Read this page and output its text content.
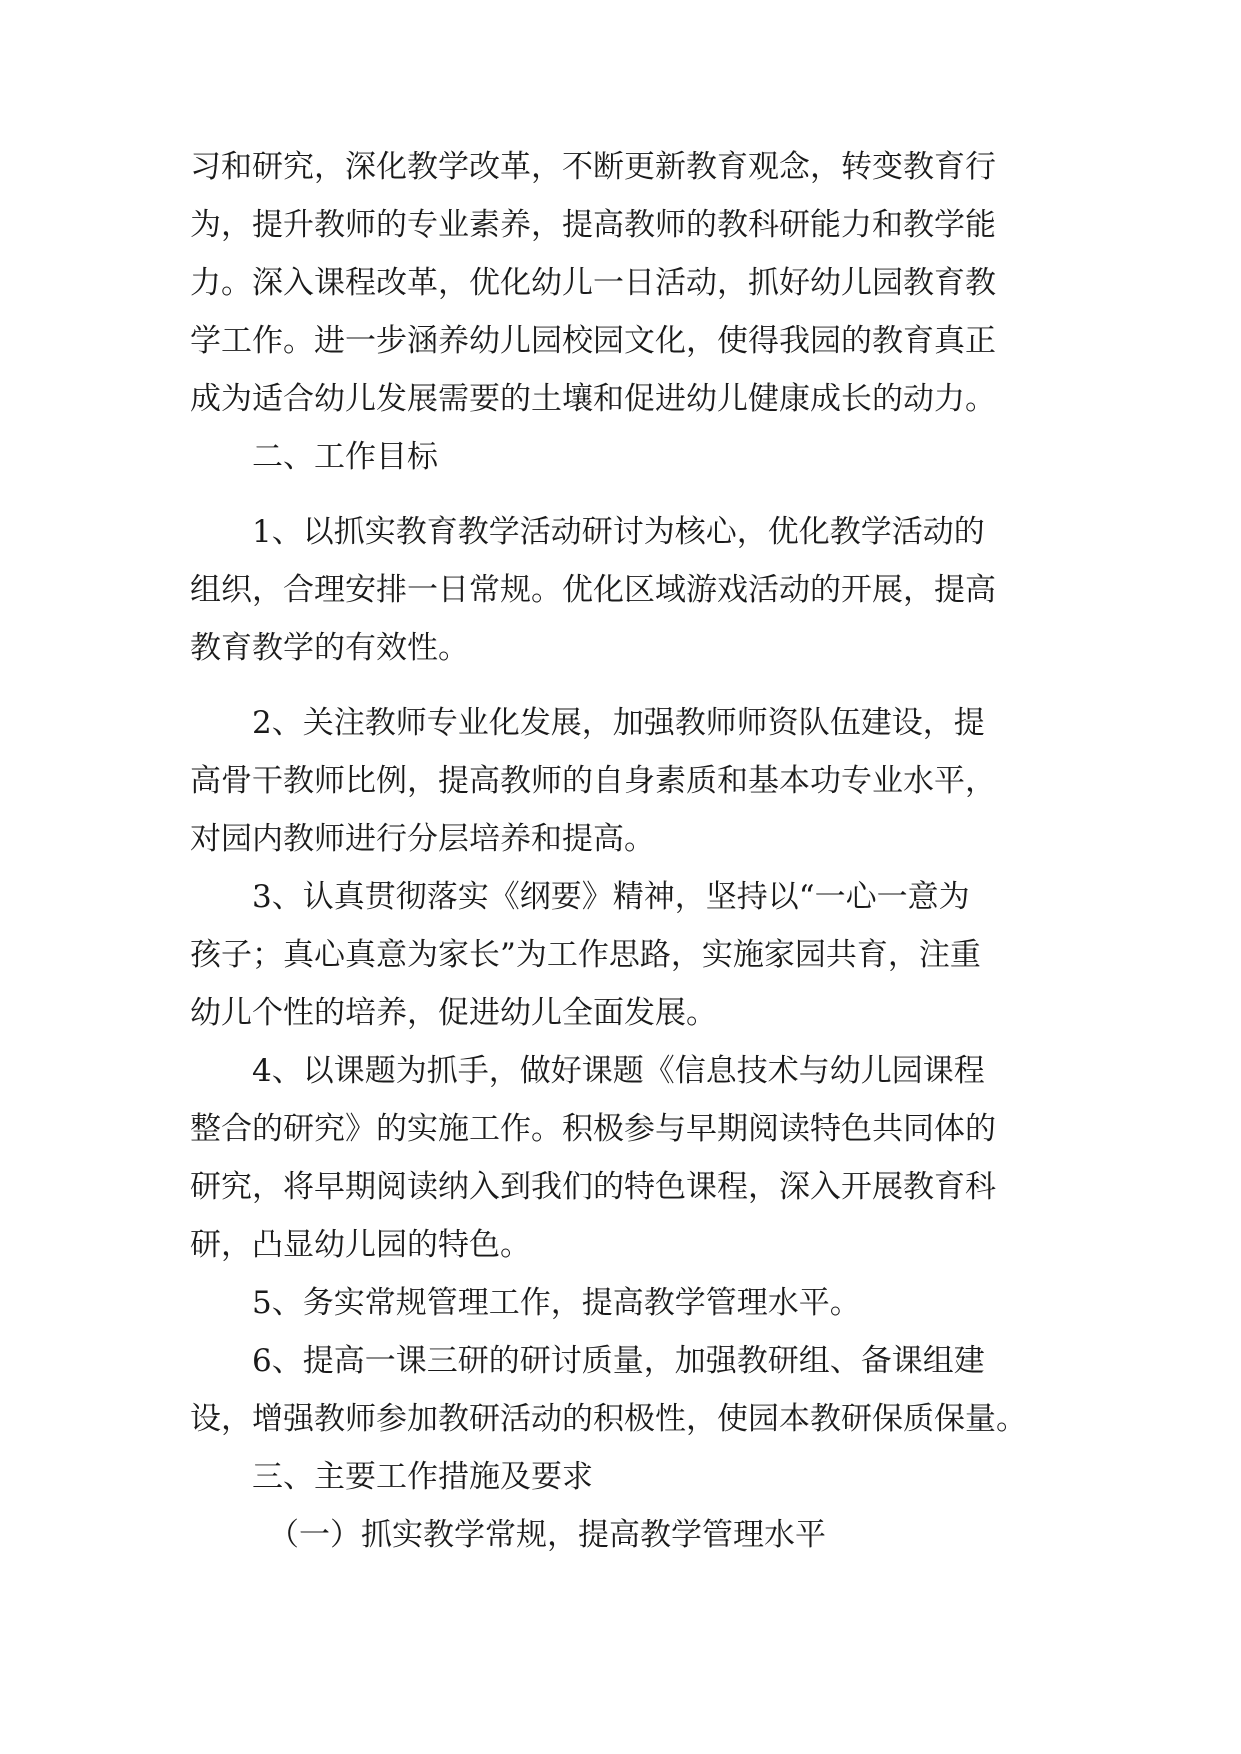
习和研究，深化教学改革，不断更新教育观念，转变教育行
为，提升教师的专业素养，提高教师的教科研能力和教学能
力。深入课程改革，优化幼儿一日活动，抓好幼儿园教育教
学工作。进一步涵养幼儿园校园文化，使得我园的教育真正
成为适合幼儿发展需要的土壤和促进幼儿健康成长的动力。
二、工作目标
1、以抓实教育教学活动研讨为核心，优化教学活动的
组织，合理安排一日常规。优化区域游戏活动的开展，提高
教育教学的有效性。
2、关注教师专业化发展，加强教师师资队伍建设，提
高骨干教师比例，提高教师的自身素质和基本功专业水平，
对园内教师进行分层培养和提高。
3、认真贯彻落实《纲要》精神，坚持以“一心一意为
孩子；真心真意为家长”为工作思路，实施家园共育，注重
幼儿个性的培养，促进幼儿全面发展。
4、以课题为抓手，做好课题《信息技术与幼儿园课程
整合的研究》的实施工作。积极参与早期阅读特色共同体的
研究，将早期阅读纳入到我们的特色课程，深入开展教育科
研，凸显幼儿园的特色。
5、务实常规管理工作，提高教学管理水平。
6、提高一课三研的研讨质量，加强教研组、备课组建
设，增强教师参加教研活动的积极性，使园本教研保质保量。
三、主要工作措施及要求
（一）抓实教学常规，提高教学管理水平
